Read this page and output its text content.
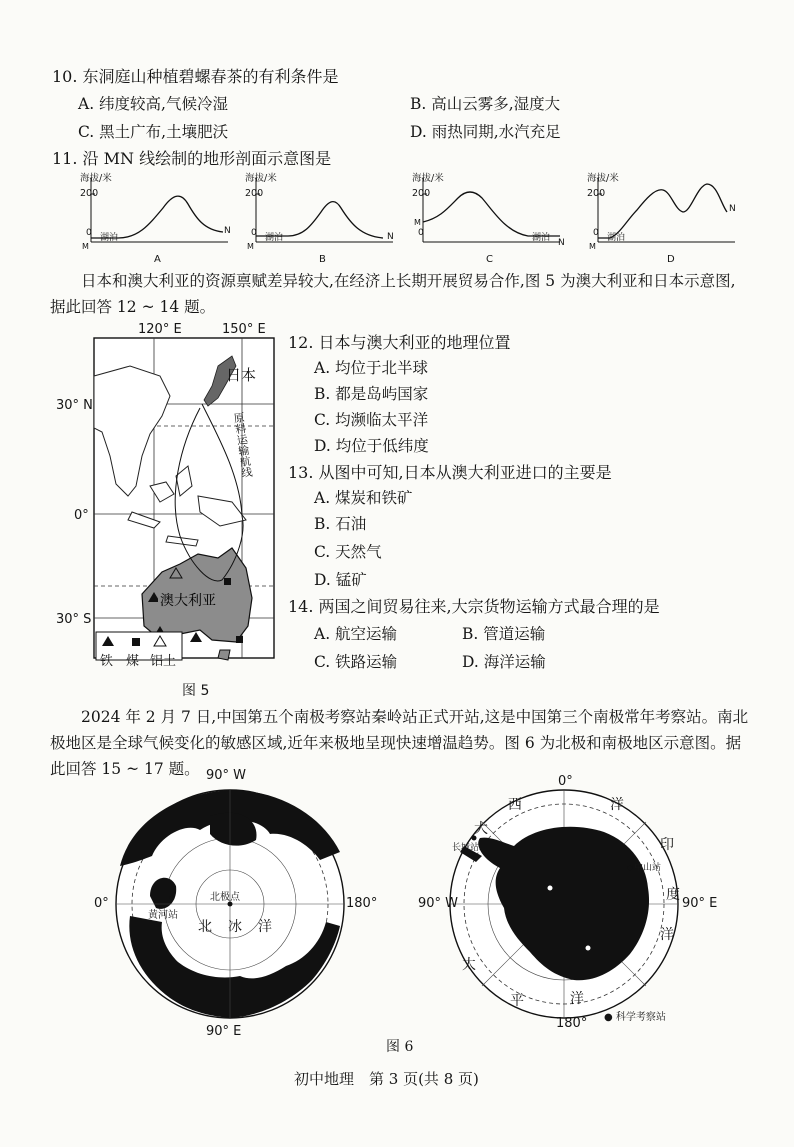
10. 东洞庭山种植碧螺春茶的有利条件是
A. 纬度较高,气候冷湿	B. 高山云雾多,湿度大
C. 黑土广布,土壤肥沃	D. 雨热同期,水汽充足
11. 沿 MN 线绘制的地形剖面示意图是
海拔/米
200
0 湖泊
M
N
A
海拔/米
200
0 湖泊
M
N
B
海拔/米
200
0	湖泊
M
N
C
海拔/米
200
0 湖泊
M
N
D
日本和澳大利亚的资源禀赋差异较大,在经济上长期开展贸易合作,图 5 为澳大利亚和日本示意图,据此回答 12 ~ 14 题。
120° E	150° E
30° N
0°
30° S
日本
原料运输航线
澳大利亚
铁 煤 铝土
图 5
12. 日本与澳大利亚的地理位置
A. 均位于北半球
B. 都是岛屿国家
C. 均濒临太平洋
D. 均位于低纬度
13. 从图中可知,日本从澳大利亚进口的主要是
A. 煤炭和铁矿
B. 石油
C. 天然气
D. 锰矿
14. 两国之间贸易往来,大宗货物运输方式最合理的是
A. 航空运输	B. 管道运输
C. 铁路运输	D. 海洋运输
2024 年 2 月 7 日,中国第五个南极考察站秦岭站正式开站,这是中国第三个南极常年考察站。南北极地区是全球气候变化的敏感区域,近年来极地呈现快速增温趋势。图 6 为北极和南极地区示意图。据此回答 15 ~ 17 题。 90° W
0°	180°
90° E
北极点
黄河站
北 冰 洋
0°
90° W	90° E
180°
长城站
中山站
西	洋
大
印
度
洋
太
平	洋
● 科学考察站
图 6
初中地理　第 3 页(共 8 页)
